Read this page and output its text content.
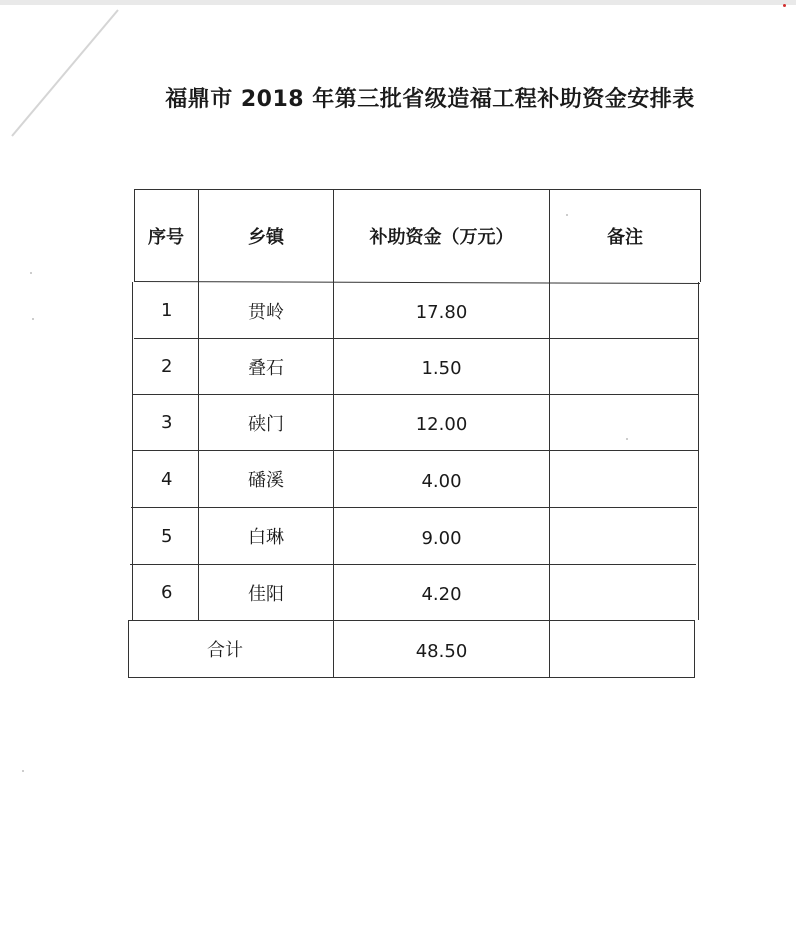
福鼎市 2018 年第三批省级造福工程补助资金安排表
序号	乡镇	补助资金（万元）	备注
1	贯岭	17.80
2	叠石	1.50
3	硖门	12.00
4	磻溪	4.00
5	白琳	9.00
6	佳阳	4.20
合计	48.50
